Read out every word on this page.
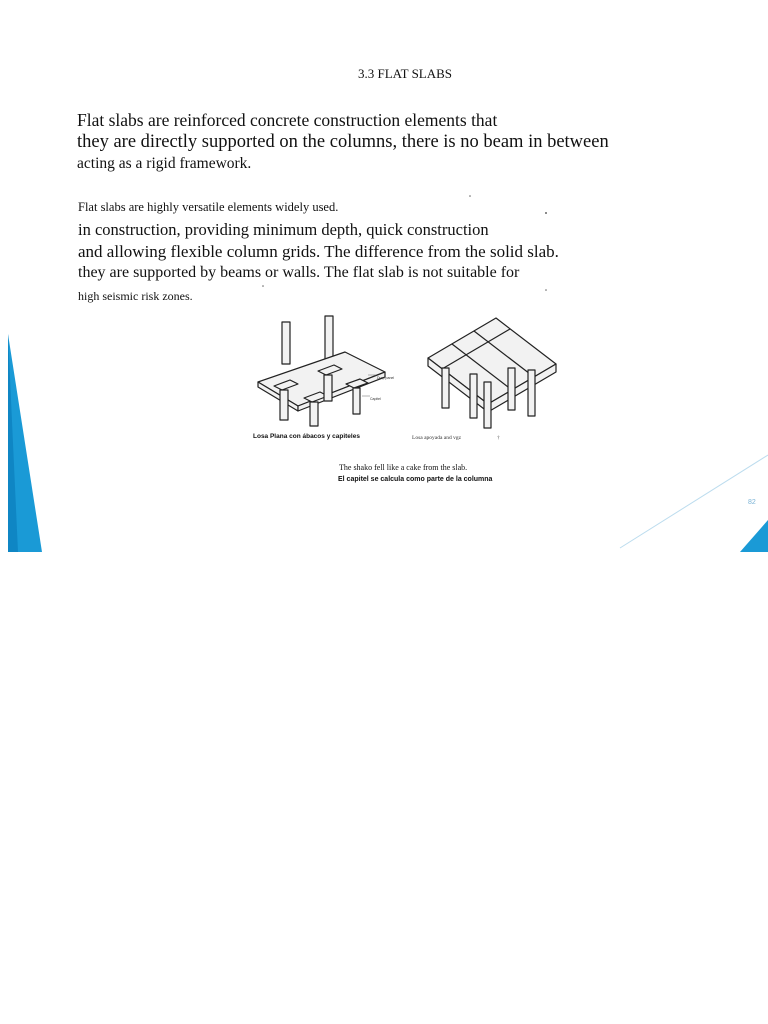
3.3 FLAT SLABS

Flat slabs are reinforced concrete construction elements that

they are directly supported on the columns, there is no beam in between

acting as a rigid framework.

Flat slabs are highly versatile elements widely used.

in construction, providing minimum depth, quick construction

and allowing flexible column grids. The difference from the solid slab.

they are supported by beams or walls. The flat slab is not suitable for

high seismic risk zones.

Drop panel

Capitel

Losa Plana con ábacos y capiteles	Losa apoyada and vgz	†

The shako fell like a cake from the slab.

El capitel se calcula como parte de la columna

82
